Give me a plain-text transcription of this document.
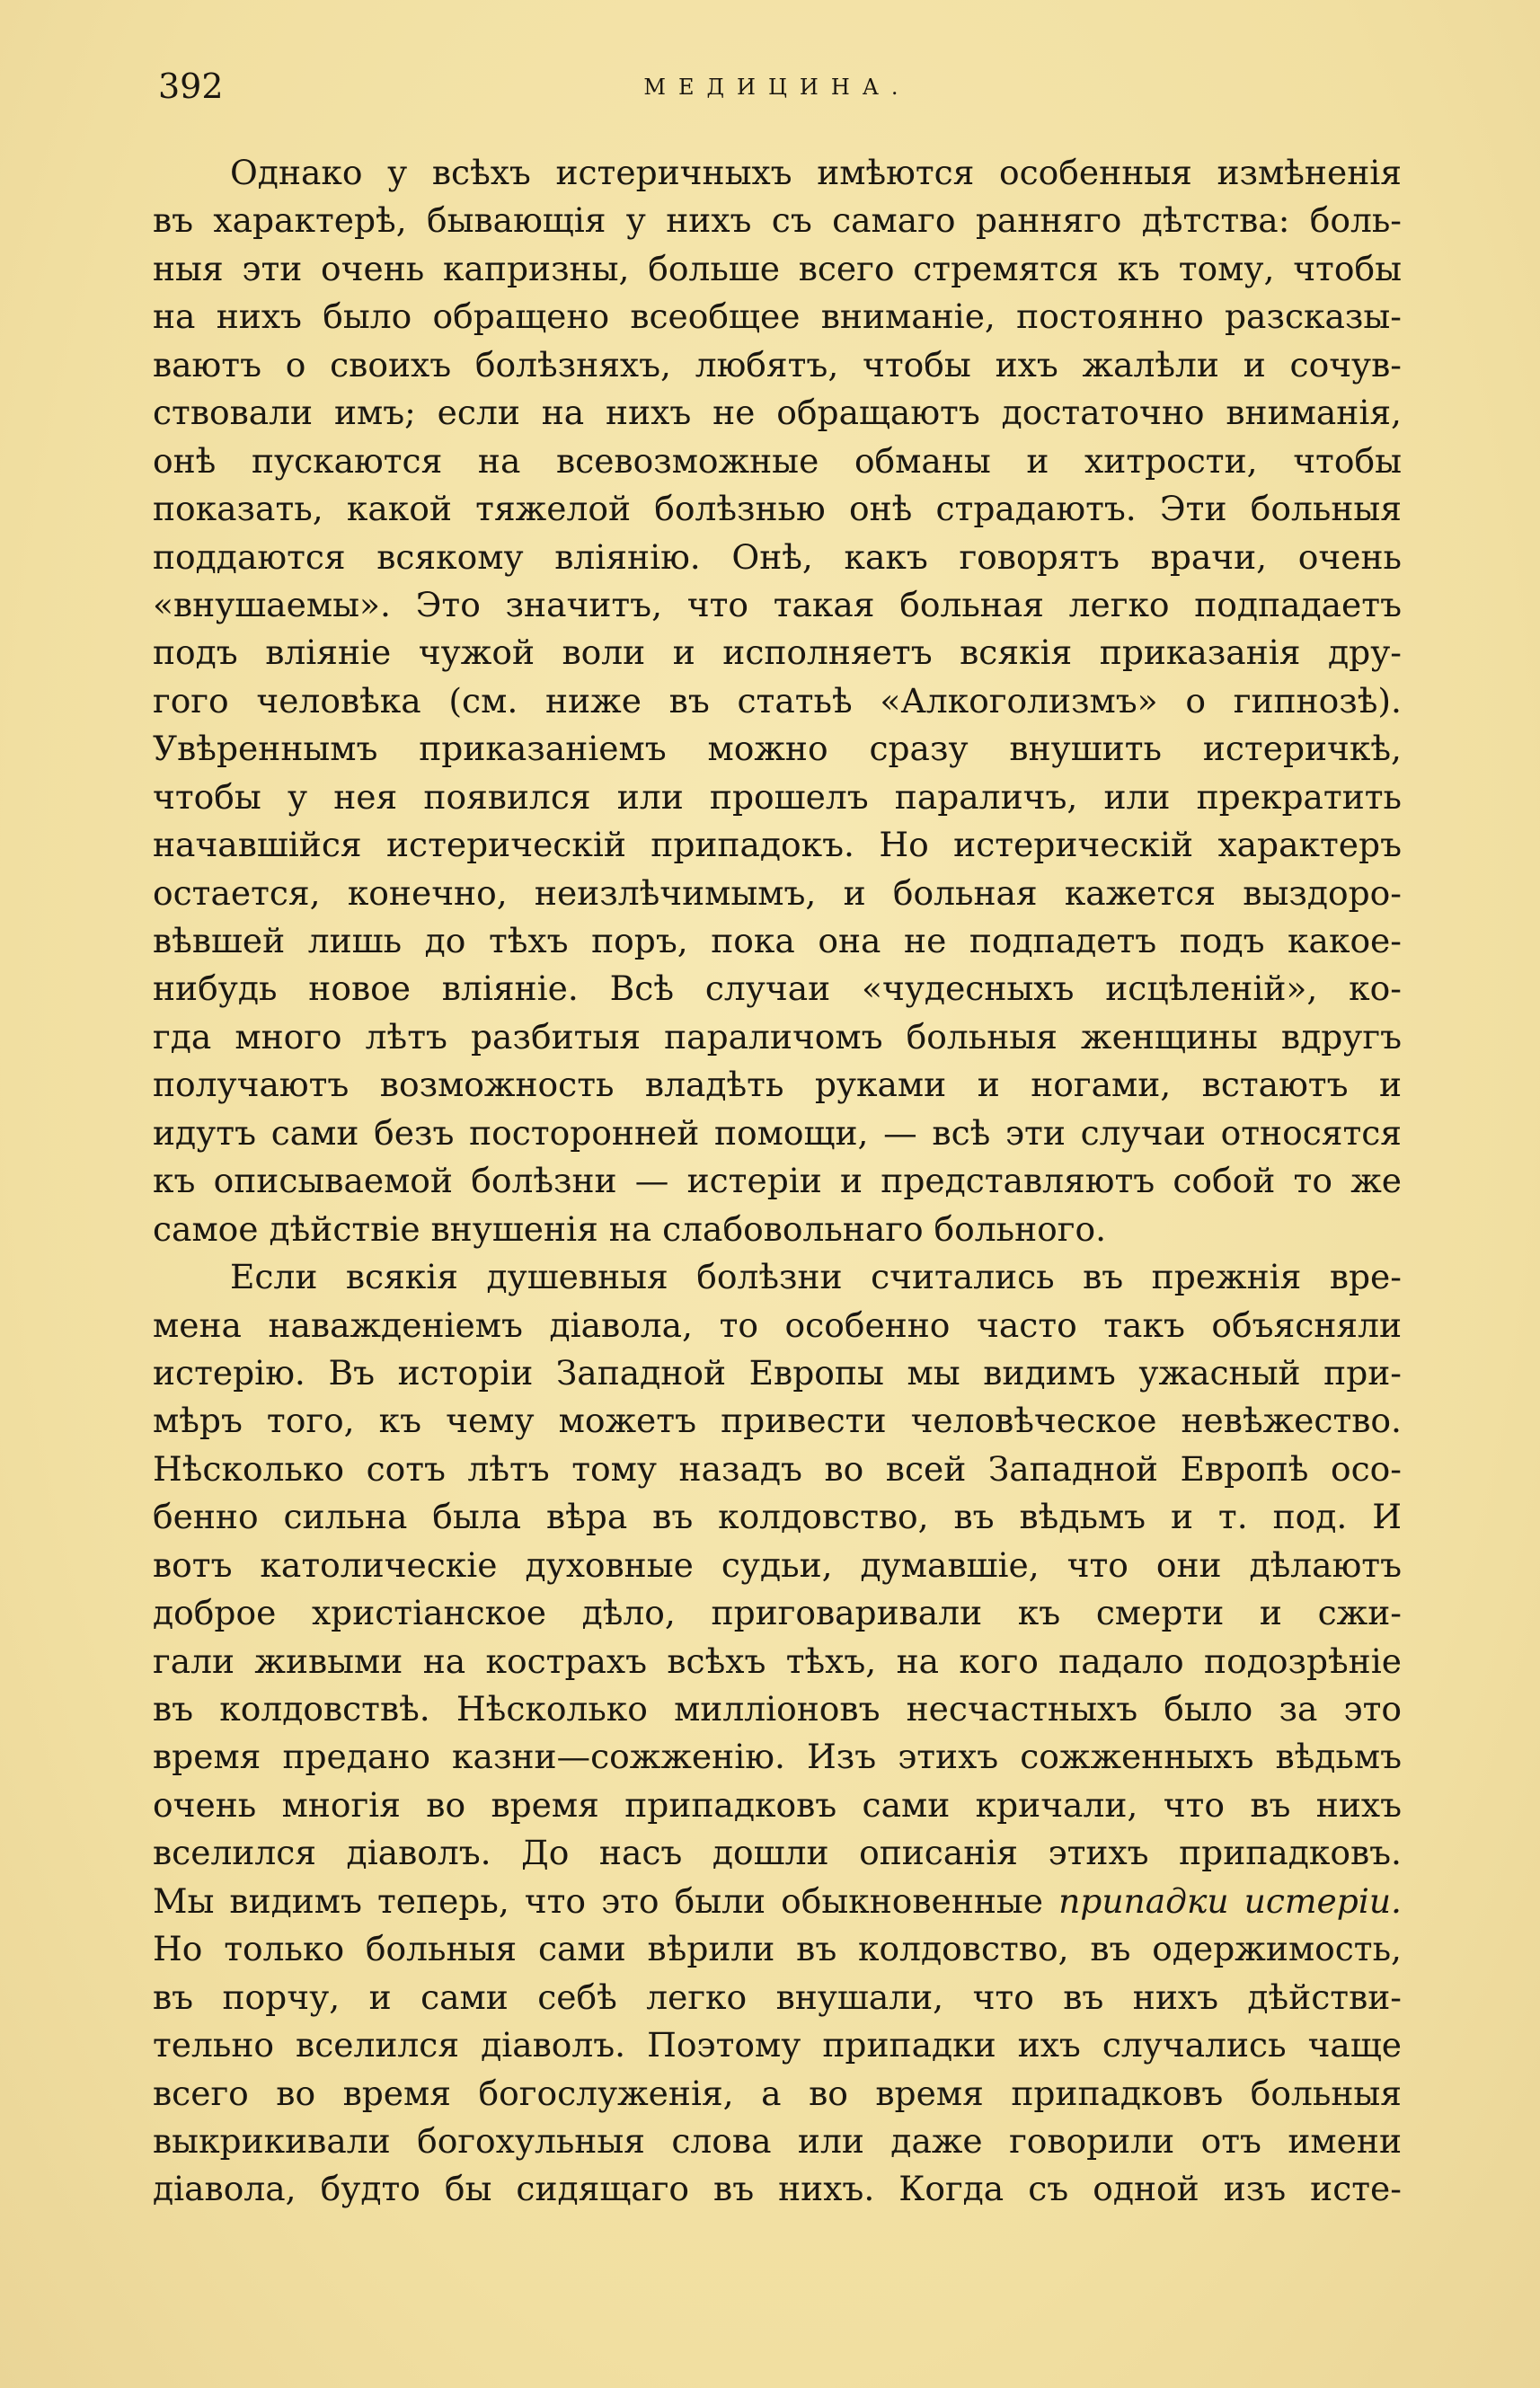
392	МЕДИЦИНА.
Однако у всѣхъ истеричныхъ имѣются особенныя измѣненія
въ характерѣ, бывающія у нихъ съ самаго ранняго дѣтства: боль-
ныя эти очень капризны, больше всего стремятся къ тому, чтобы
на нихъ было обращено всеобщее вниманіе, постоянно разсказы-
ваютъ о своихъ болѣзняхъ, любятъ, чтобы ихъ жалѣли и сочув-
ствовали имъ; если на нихъ не обращаютъ достаточно вниманія,
онѣ пускаются на всевозможные обманы и хитрости, чтобы
показать, какой тяжелой болѣзнью онѣ страдаютъ. Эти больныя
поддаются всякому вліянію. Онѣ, какъ говорятъ врачи, очень
«внушаемы». Это значитъ, что такая больная легко подпадаетъ
подъ вліяніе чужой воли и исполняетъ всякія приказанія дру-
гого человѣка (см. ниже въ статьѣ «Алкоголизмъ» о гипнозѣ).
Увѣреннымъ приказаніемъ можно сразу внушить истеричкѣ,
чтобы у нея появился или прошелъ параличъ, или прекратить
начавшійся истерическій припадокъ. Но истерическій характеръ
остается, конечно, неизлѣчимымъ, и больная кажется выздоро-
вѣвшей лишь до тѣхъ поръ, пока она не подпадетъ подъ какое-
нибудь новое вліяніе. Всѣ случаи «чудесныхъ исцѣленій», ко-
гда много лѣтъ разбитыя параличомъ больныя женщины вдругъ
получаютъ возможность владѣть руками и ногами, встаютъ и
идутъ сами безъ посторонней помощи, — всѣ эти случаи относятся
къ описываемой болѣзни — истеріи и представляютъ собой то же
самое дѣйствіе внушенія на слабовольнаго больного.
Если всякія душевныя болѣзни считались въ прежнія вре-
мена наважденіемъ діавола, то особенно часто такъ объясняли
истерію. Въ исторіи Западной Европы мы видимъ ужасный при-
мѣръ того, къ чему можетъ привести человѣческое невѣжество.
Нѣсколько сотъ лѣтъ тому назадъ во всей Западной Европѣ осо-
бенно сильна была вѣра въ колдовство, въ вѣдьмъ и т. под. И
вотъ католическіе духовные судьи, думавшіе, что они дѣлаютъ
доброе христіанское дѣло, приговаривали къ смерти и сжи-
гали живыми на кострахъ всѣхъ тѣхъ, на кого падало подозрѣніе
въ колдовствѣ. Нѣсколько милліоновъ несчастныхъ было за это
время предано казни—сожженію. Изъ этихъ сожженныхъ вѣдьмъ
очень многія во время припадковъ сами кричали, что въ нихъ
вселился діаволъ. До насъ дошли описанія этихъ припадковъ.
Мы видимъ теперь, что это были обыкновенные припадки истеріи.
Но только больныя сами вѣрили въ колдовство, въ одержимость,
въ порчу, и сами себѣ легко внушали, что въ нихъ дѣйстви-
тельно вселился діаволъ. Поэтому припадки ихъ случались чаще
всего во время богослуженія, а во время припадковъ больныя
выкрикивали богохульныя слова или даже говорили отъ имени
діавола, будто бы сидящаго въ нихъ. Когда съ одной изъ исте-
